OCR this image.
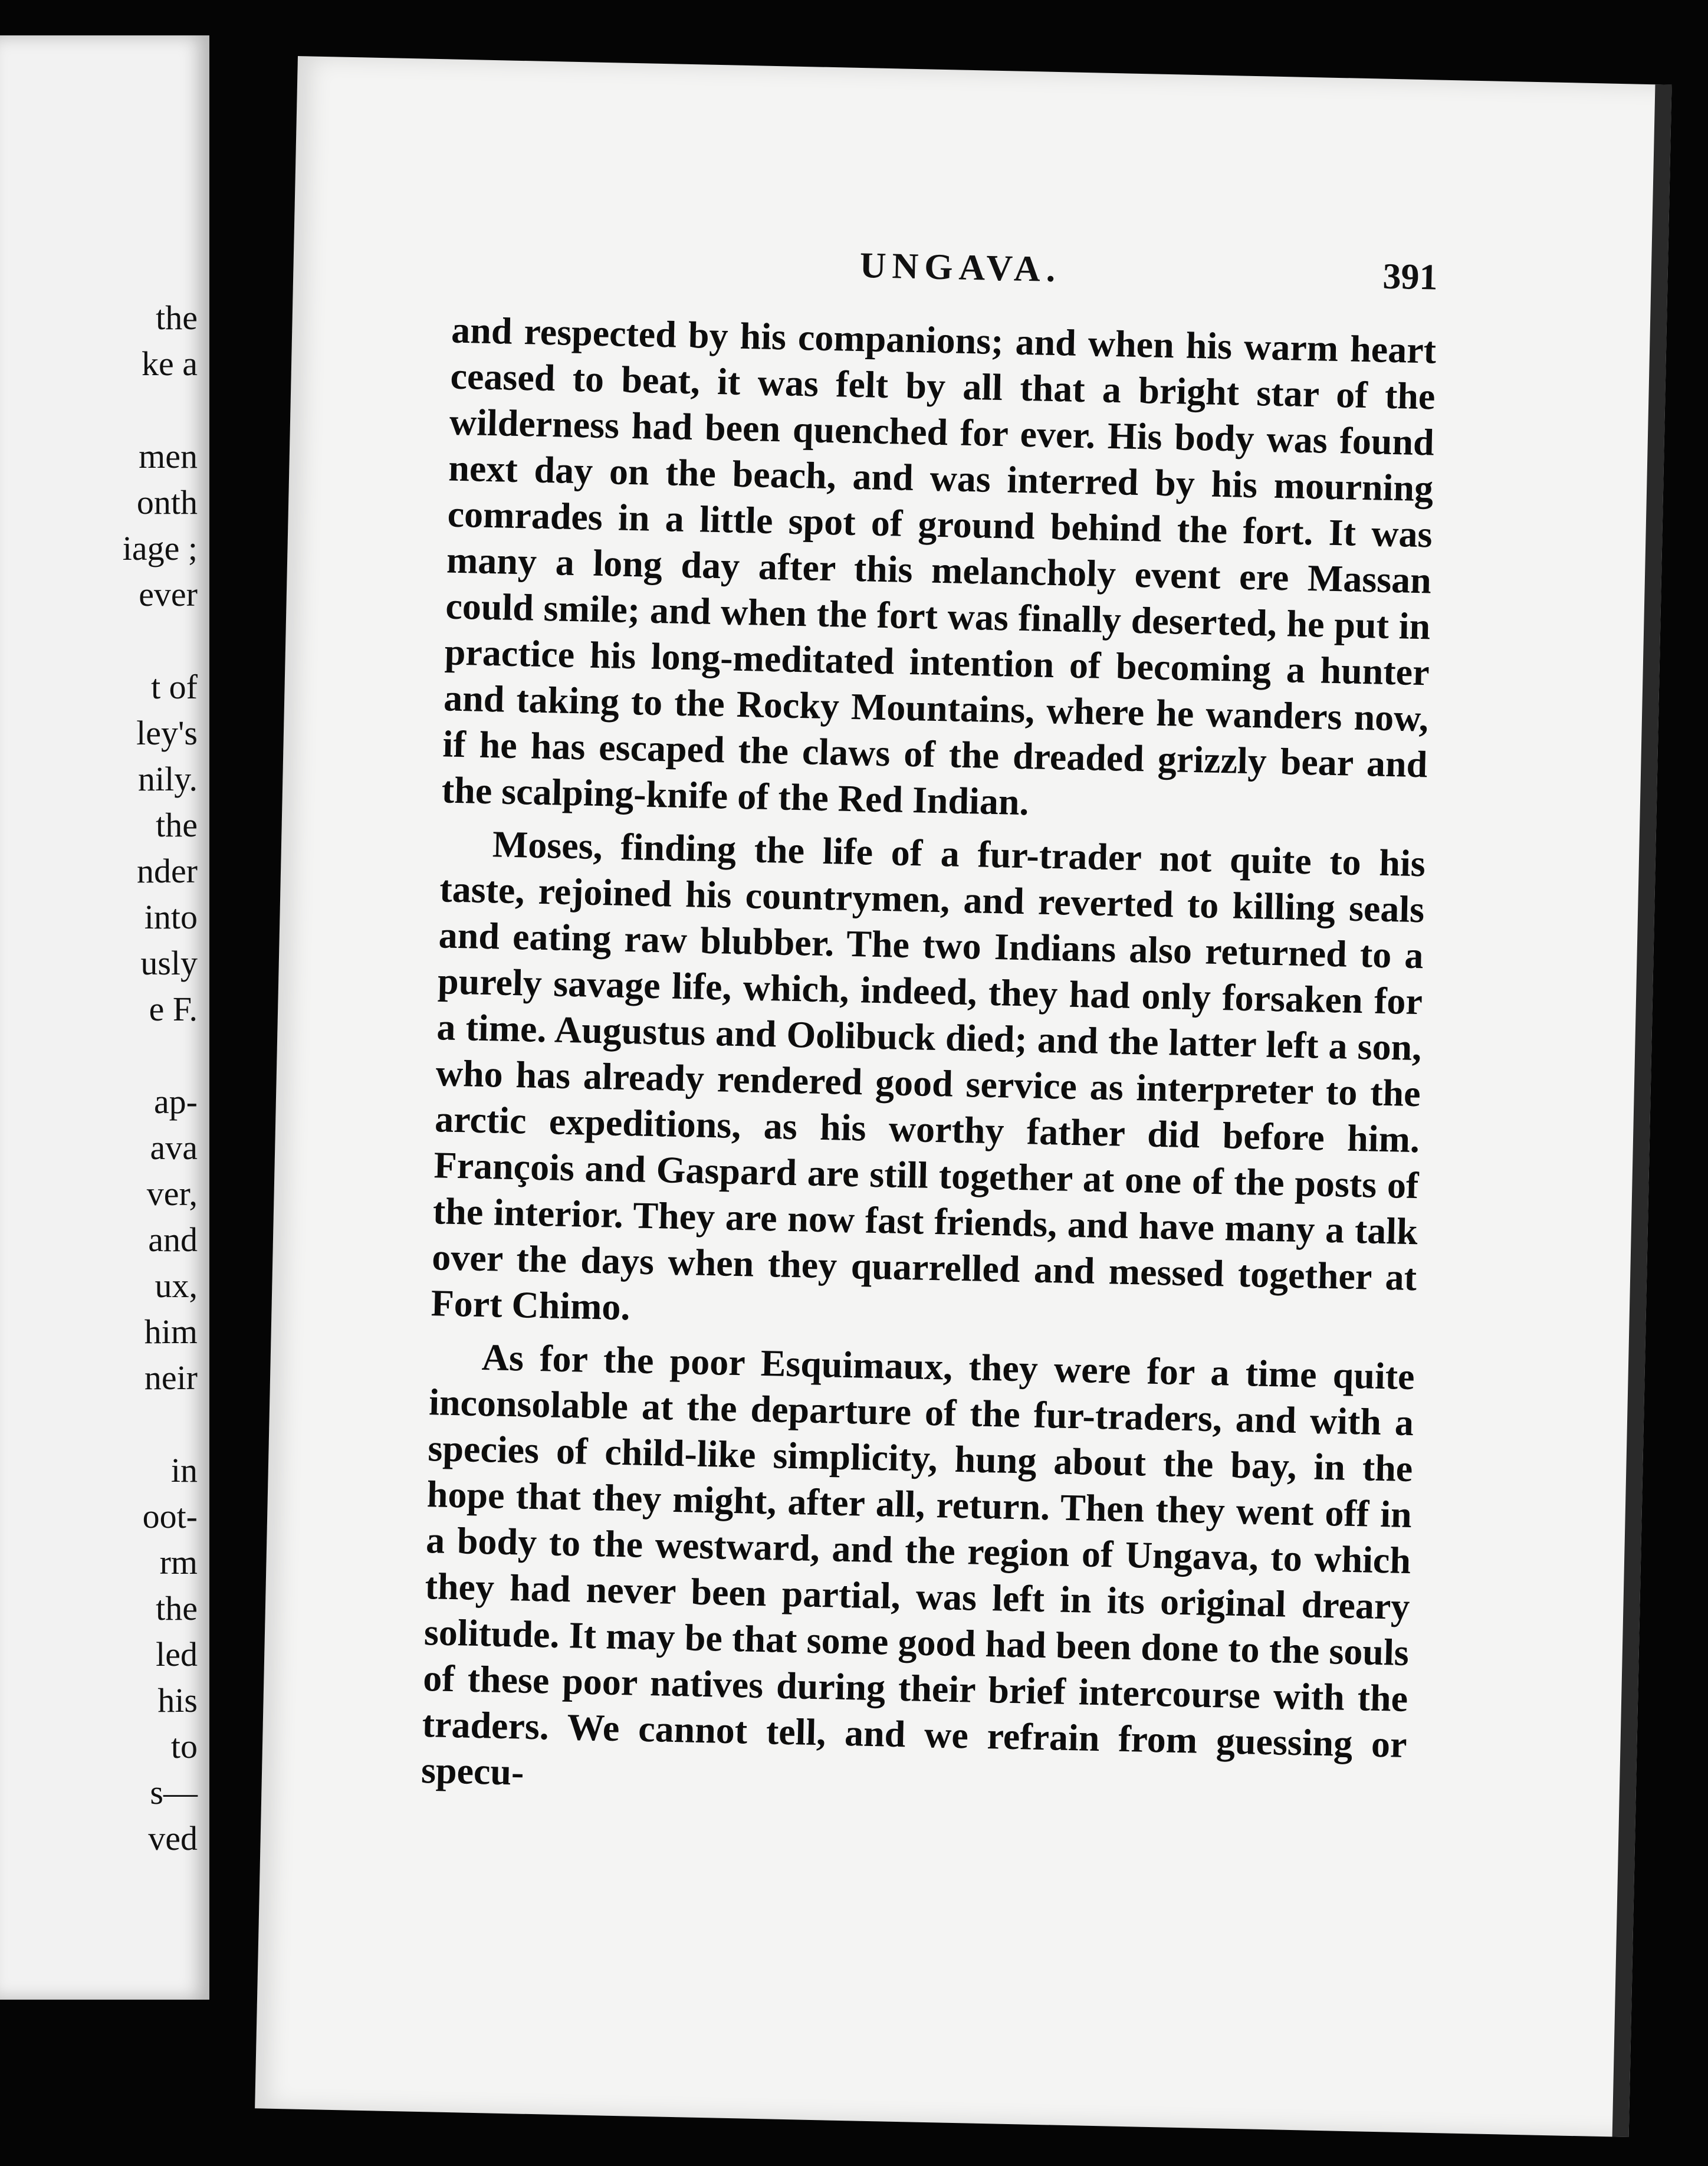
the
ke a
men
onth
iage ;
ever
t of
ley's
nily.
the
nder
into
usly
e F.
ap-
ava
ver,
and
ux,
him
neir
in
oot-
rm
the
led
his
to
s—
ved
UNGAVA.	391

and respected by his companions; and when his warm heart ceased to beat, it was felt by all that a bright star of the wilderness had been quenched for ever. His body was found next day on the beach, and was interred by his mourning comrades in a little spot of ground behind the fort. It was many a long day after this melancholy event ere Massan could smile; and when the fort was finally deserted, he put in practice his long-meditated intention of becoming a hunter and taking to the Rocky Mountains, where he wanders now, if he has escaped the claws of the dreaded grizzly bear and the scalping-knife of the Red Indian.

Moses, finding the life of a fur-trader not quite to his taste, rejoined his countrymen, and reverted to killing seals and eating raw blubber. The two Indians also returned to a purely savage life, which, indeed, they had only forsaken for a time. Augustus and Oolibuck died; and the latter left a son, who has already rendered good service as interpreter to the arctic expeditions, as his worthy father did before him. François and Gaspard are still together at one of the posts of the interior. They are now fast friends, and have many a talk over the days when they quarrelled and messed together at Fort Chimo.

As for the poor Esquimaux, they were for a time quite inconsolable at the departure of the fur-traders, and with a species of child-like simplicity, hung about the bay, in the hope that they might, after all, return. Then they went off in a body to the westward, and the region of Ungava, to which they had never been partial, was left in its original dreary solitude. It may be that some good had been done to the souls of these poor natives during their brief intercourse with the traders. We cannot tell, and we refrain from guessing or specu-
